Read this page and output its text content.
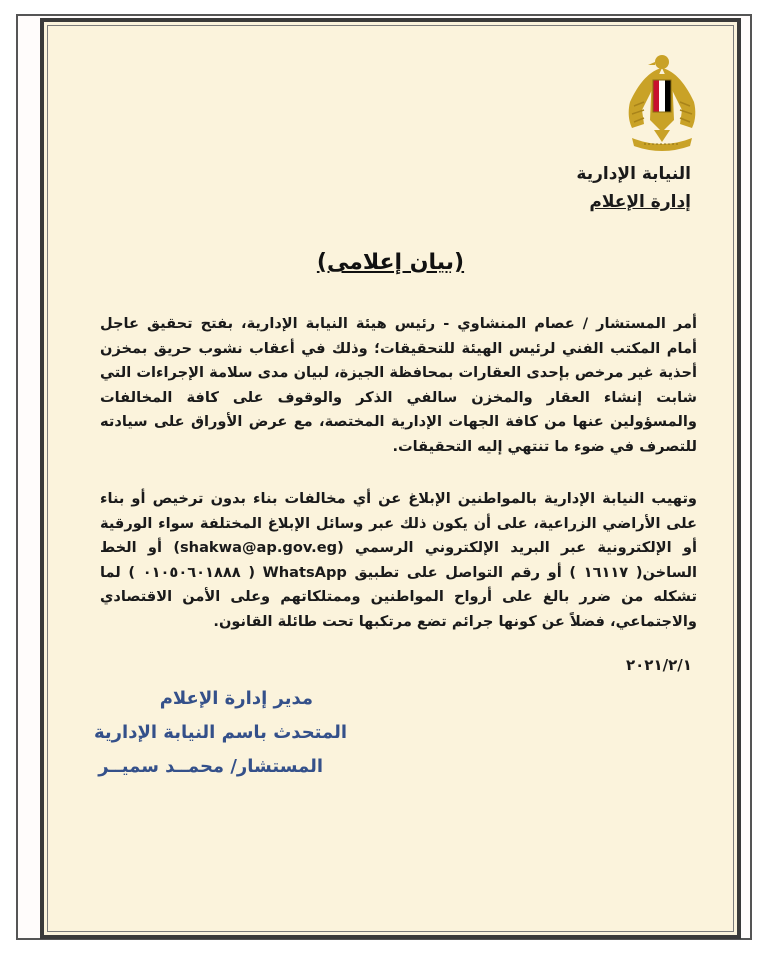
النيابة الإدارية
إدارة الإعلام
(بيان إعلامى)
أمر المستشار / عصام المنشاوي - رئيس هيئة النيابة الإدارية، بفتح تحقيق عاجل أمام المكتب الفني لرئيس الهيئة للتحقيقات؛ وذلك في أعقاب نشوب حريق بمخزن أحذية غير مرخص بإحدى العقارات بمحافظة الجيزة، لبيان مدى سلامة الإجراءات التي شابت إنشاء العقار والمخزن سالفي الذكر والوقوف على كافة المخالفات والمسؤولين عنها من كافة الجهات الإدارية المختصة، مع عرض الأوراق على سيادته للتصرف في ضوء ما تنتهي إليه التحقيقات.
وتهيب النيابة الإدارية بالمواطنين الإبلاغ عن أي مخالفات بناء بدون ترخيص أو بناء على الأراضي الزراعية، على أن يكون ذلك عبر وسائل الإبلاغ المختلفة سواء الورقية أو الإلكترونية عبر البريد الإلكتروني الرسمي (shakwa@ap.gov.eg) أو الخط الساخن( ١٦١١٧ ) أو رقم التواصل على تطبيق WhatsApp ( ٠١٠٥٠٦٠١٨٨٨ ) لما تشكله من ضرر بالغ على أرواح المواطنين وممتلكاتهم وعلى الأمن الاقتصادي والاجتماعي، فضلاً عن كونها جرائم تضع مرتكبها تحت طائلة القانون.
٢٠٢١/٢/١
مدير إدارة الإعلام
المتحدث باسم النيابة الإدارية
المستشار/ محمــد سميــر
